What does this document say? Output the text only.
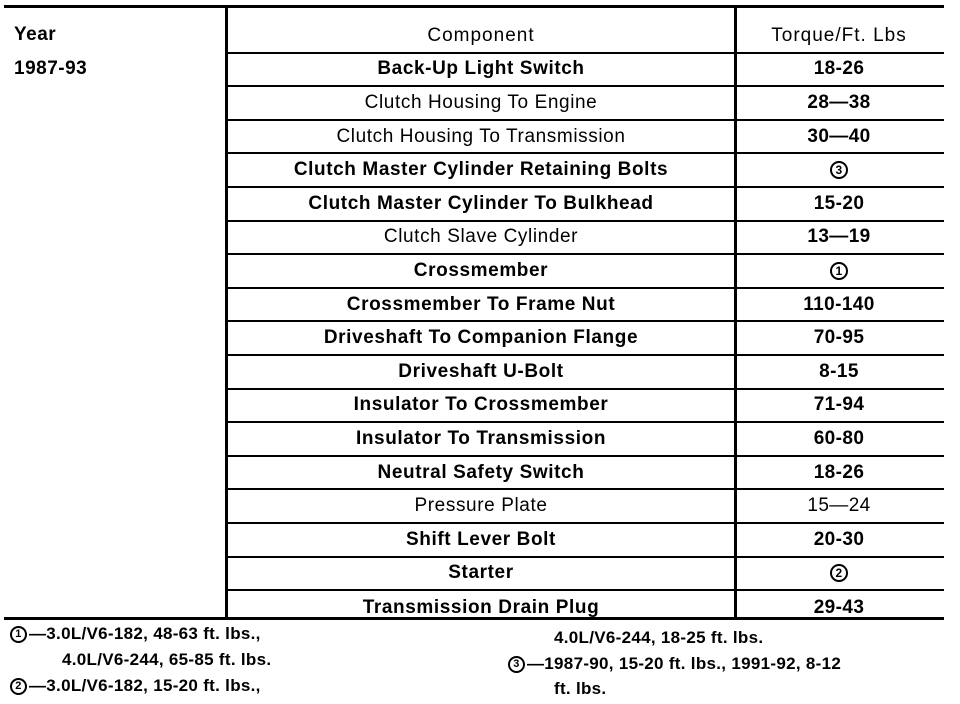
Year
1987-93
Component	Torque/Ft. Lbs
Back-Up Light Switch	18-26
Clutch Housing To Engine	28—38
Clutch Housing To Transmission	30—40
Clutch Master Cylinder Retaining Bolts	3
Clutch Master Cylinder To Bulkhead	15-20
Clutch Slave Cylinder	13—19
Crossmember	1
Crossmember To Frame Nut	110-140
Driveshaft To Companion Flange	70-95
Driveshaft U-Bolt	8-15
Insulator To Crossmember	71-94
Insulator To Transmission	60-80
Neutral Safety Switch	18-26
Pressure Plate	15—24
Shift Lever Bolt	20-30
Starter	2
Transmission Drain Plug	29-43
1 —3.0L/V6-182, 48-63 ft. lbs.,
4.0L/V6-244, 65-85 ft. lbs.
2 —3.0L/V6-182, 15-20 ft. lbs.,
4.0L/V6-244, 18-25 ft. lbs.
3 —1987-90, 15-20 ft. lbs., 1991-92, 8-12
ft. lbs.
